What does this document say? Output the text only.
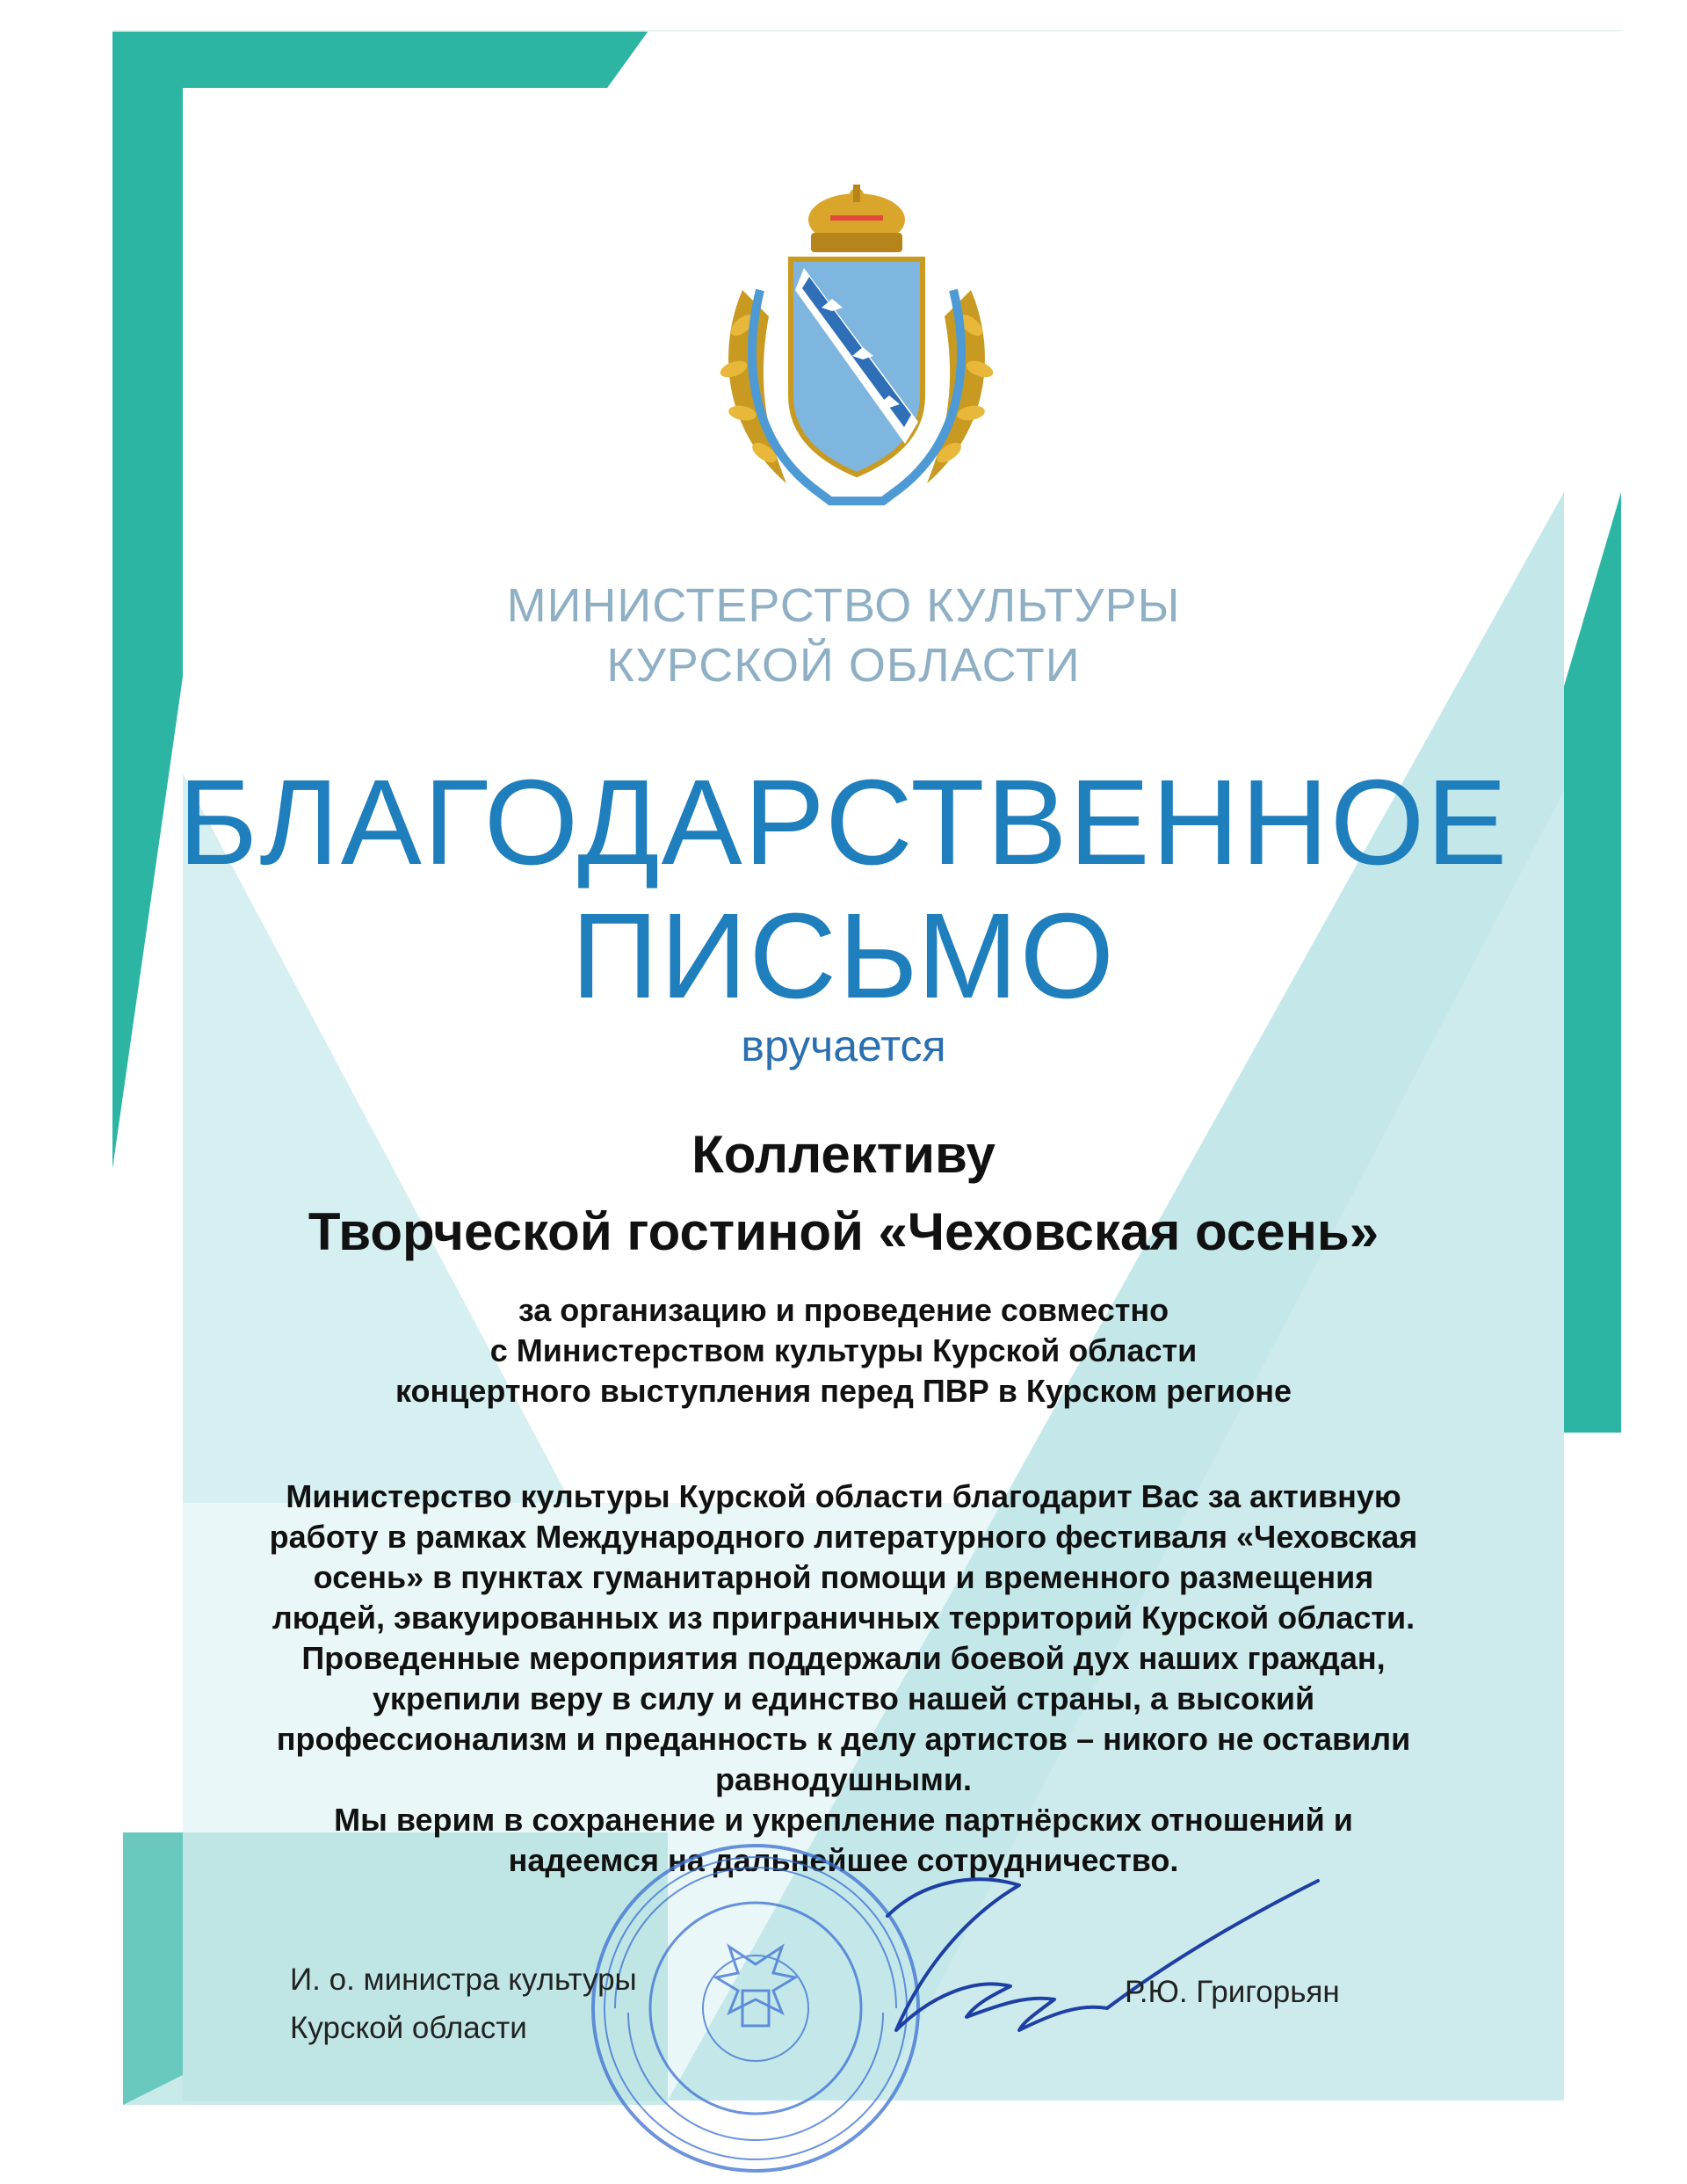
МИНИСТЕРСТВО КУЛЬТУРЫ
КУРСКОЙ ОБЛАСТИ
БЛАГОДАРСТВЕННОЕ
ПИСЬМО
вручается
Коллективу
Творческой гостиной «Чеховская осень»
за организацию и проведение совместно
с Министерством культуры Курской области
концертного выступления перед ПВР в Курском регионе

Министерство культуры Курской области благодарит Вас за активную

работу в рамках Международного литературного фестиваля «Чеховская

осень» в пунктах гуманитарной помощи и временного размещения

людей, эвакуированных из приграничных территорий Курской области.

Проведенные мероприятия поддержали боевой дух наших граждан,

укрепили веру в силу и единство нашей страны, а высокий

профессионализм и преданность к делу артистов – никого не оставили

равнодушными.

Мы верим в сохранение и укрепление партнёрских отношений и

надеемся на дальнейшее сотрудничество.

И. о. министра культуры
Курской области
Р.Ю. Григорьян
